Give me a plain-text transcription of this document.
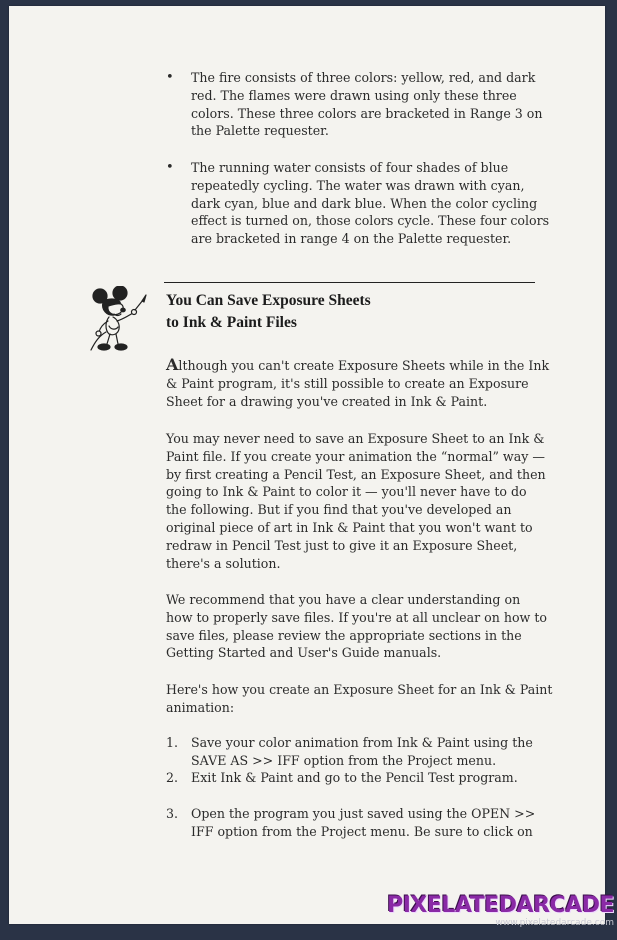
• The fire consists of three colors: yellow, red, and dark
red. The flames were drawn using only these three
colors. These three colors are bracketed in Range 3 on
the Palette requester.

• The running water consists of four shades of blue
repeatedly cycling. The water was drawn with cyan,
dark cyan, blue and dark blue. When the color cycling
effect is turned on, those colors cycle. These four colors
are bracketed in range 4 on the Palette requester.

You Can Save Exposure Sheets
to Ink & Paint Files

Although you can't create Exposure Sheets while in the Ink
& Paint program, it's still possible to create an Exposure
Sheet for a drawing you've created in Ink & Paint.

You may never need to save an Exposure Sheet to an Ink &
Paint file. If you create your animation the “normal” way —
by first creating a Pencil Test, an Exposure Sheet, and then
going to Ink & Paint to color it — you'll never have to do
the following. But if you find that you've developed an
original piece of art in Ink & Paint that you won't want to
redraw in Pencil Test just to give it an Exposure Sheet,
there's a solution.

We recommend that you have a clear understanding on
how to properly save files. If you're at all unclear on how to
save files, please review the appropriate sections in the
Getting Started and User's Guide manuals.

Here's how you create an Exposure Sheet for an Ink & Paint
animation:

1. Save your color animation from Ink & Paint using the
SAVE AS >> IFF option from the Project menu.

2. Exit Ink & Paint and go to the Pencil Test program.

3. Open the program you just saved using the OPEN >>
IFF option from the Project menu. Be sure to click on

PIXELATEDARCADE
www.pixelatedarcade.com
